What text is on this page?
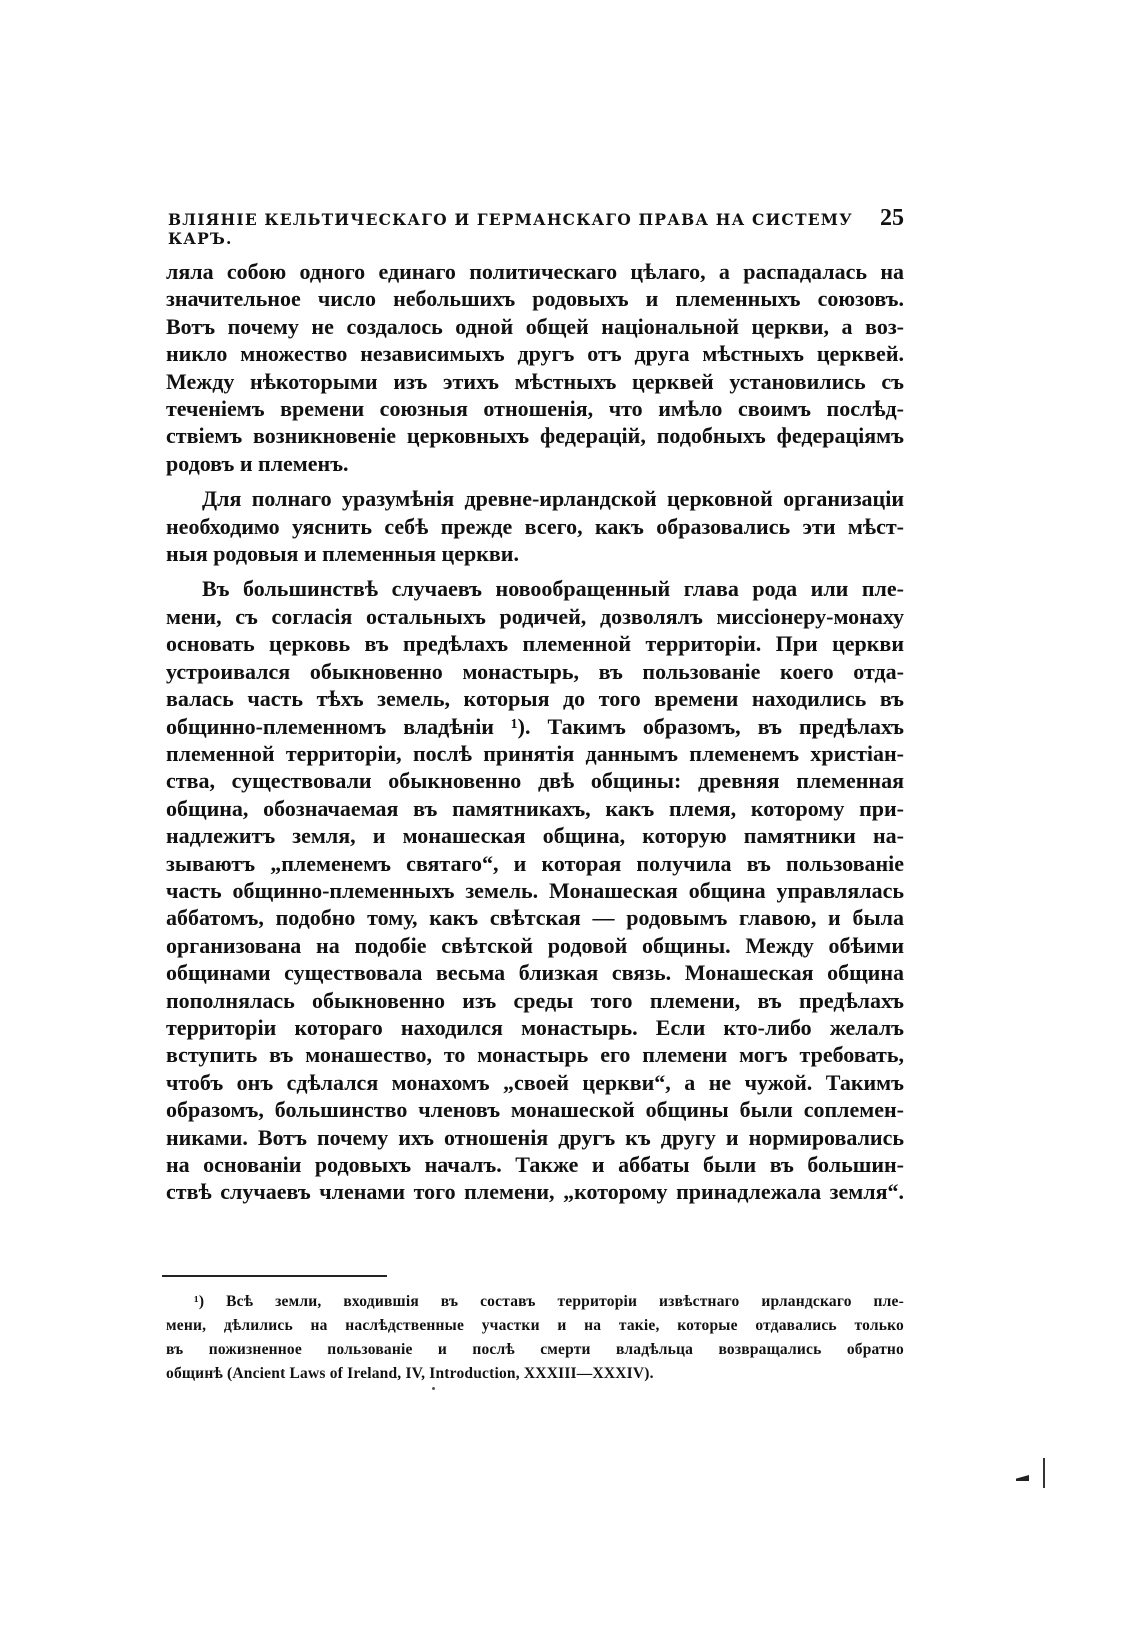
ВЛІЯНІЕ КЕЛЬТИЧЕСКАГО И ГЕРМАНСКАГО ПРАВА НА СИСТЕМУ КАРЪ.
25
ляла собою одного единаго политическаго цѣлаго, а распадалась на
значительное число небольшихъ родовыхъ и племенныхъ союзовъ.
Вотъ почему не создалось одной общей національной церкви, а воз-
никло множество независимыхъ другъ отъ друга мѣстныхъ церквей.
Между нѣкоторыми изъ этихъ мѣстныхъ церквей установились съ
теченіемъ времени союзныя отношенія, что имѣло своимъ послѣд-
ствіемъ возникновеніе церковныхъ федерацій, подобныхъ федераціямъ
родовъ и племенъ.
Для полнаго уразумѣнія древне-ирландской церковной организаціи
необходимо уяснить себѣ прежде всего, какъ образовались эти мѣст-
ныя родовыя и племенныя церкви.
Въ большинствѣ случаевъ новообращенный глава рода или пле-
мени, съ согласія остальныхъ родичей, дозволялъ миссіонеру-монаху
основать церковь въ предѣлахъ племенной территоріи. При церкви
устроивался обыкновенно монастырь, въ пользованіе коего отда-
валась часть тѣхъ земель, которыя до того времени находились въ
общинно-племенномъ владѣніи ¹). Такимъ образомъ, въ предѣлахъ
племенной территоріи, послѣ принятія даннымъ племенемъ христіан-
ства, существовали обыкновенно двѣ общины: древняя племенная
община, обозначаемая въ памятникахъ, какъ племя, которому при-
надлежитъ земля, и монашеская община, которую памятники на-
зываютъ „племенемъ святаго“, и которая получила въ пользованіе
часть общинно-племенныхъ земель. Монашеская община управлялась
аббатомъ, подобно тому, какъ свѣтская — родовымъ главою, и была
организована на подобіе свѣтской родовой общины. Между обѣими
общинами существовала весьма близкая связь. Монашеская община
пополнялась обыкновенно изъ среды того племени, въ предѣлахъ
территоріи котораго находился монастырь. Если кто-либо желалъ
вступить въ монашество, то монастырь его племени могъ требовать,
чтобъ онъ сдѣлался монахомъ „своей церкви“, а не чужой. Такимъ
образомъ, большинство членовъ монашеской общины были соплемен-
никами. Вотъ почему ихъ отношенія другъ къ другу и нормировались
на основаніи родовыхъ началъ. Также и аббаты были въ большин-
ствѣ случаевъ членами того племени, „которому принадлежала земля“.
¹) Всѣ земли, входившія въ составъ территоріи извѣстнаго ирландскаго пле-
мени, дѣлились на наслѣдственные участки и на такіе, которые отдавались только
въ пожизненное пользованіе и послѣ смерти владѣльца возвращались обратно
общинѣ (Ancient Laws of Ireland, IV, Introduction, XXXIII—XXXIV).
